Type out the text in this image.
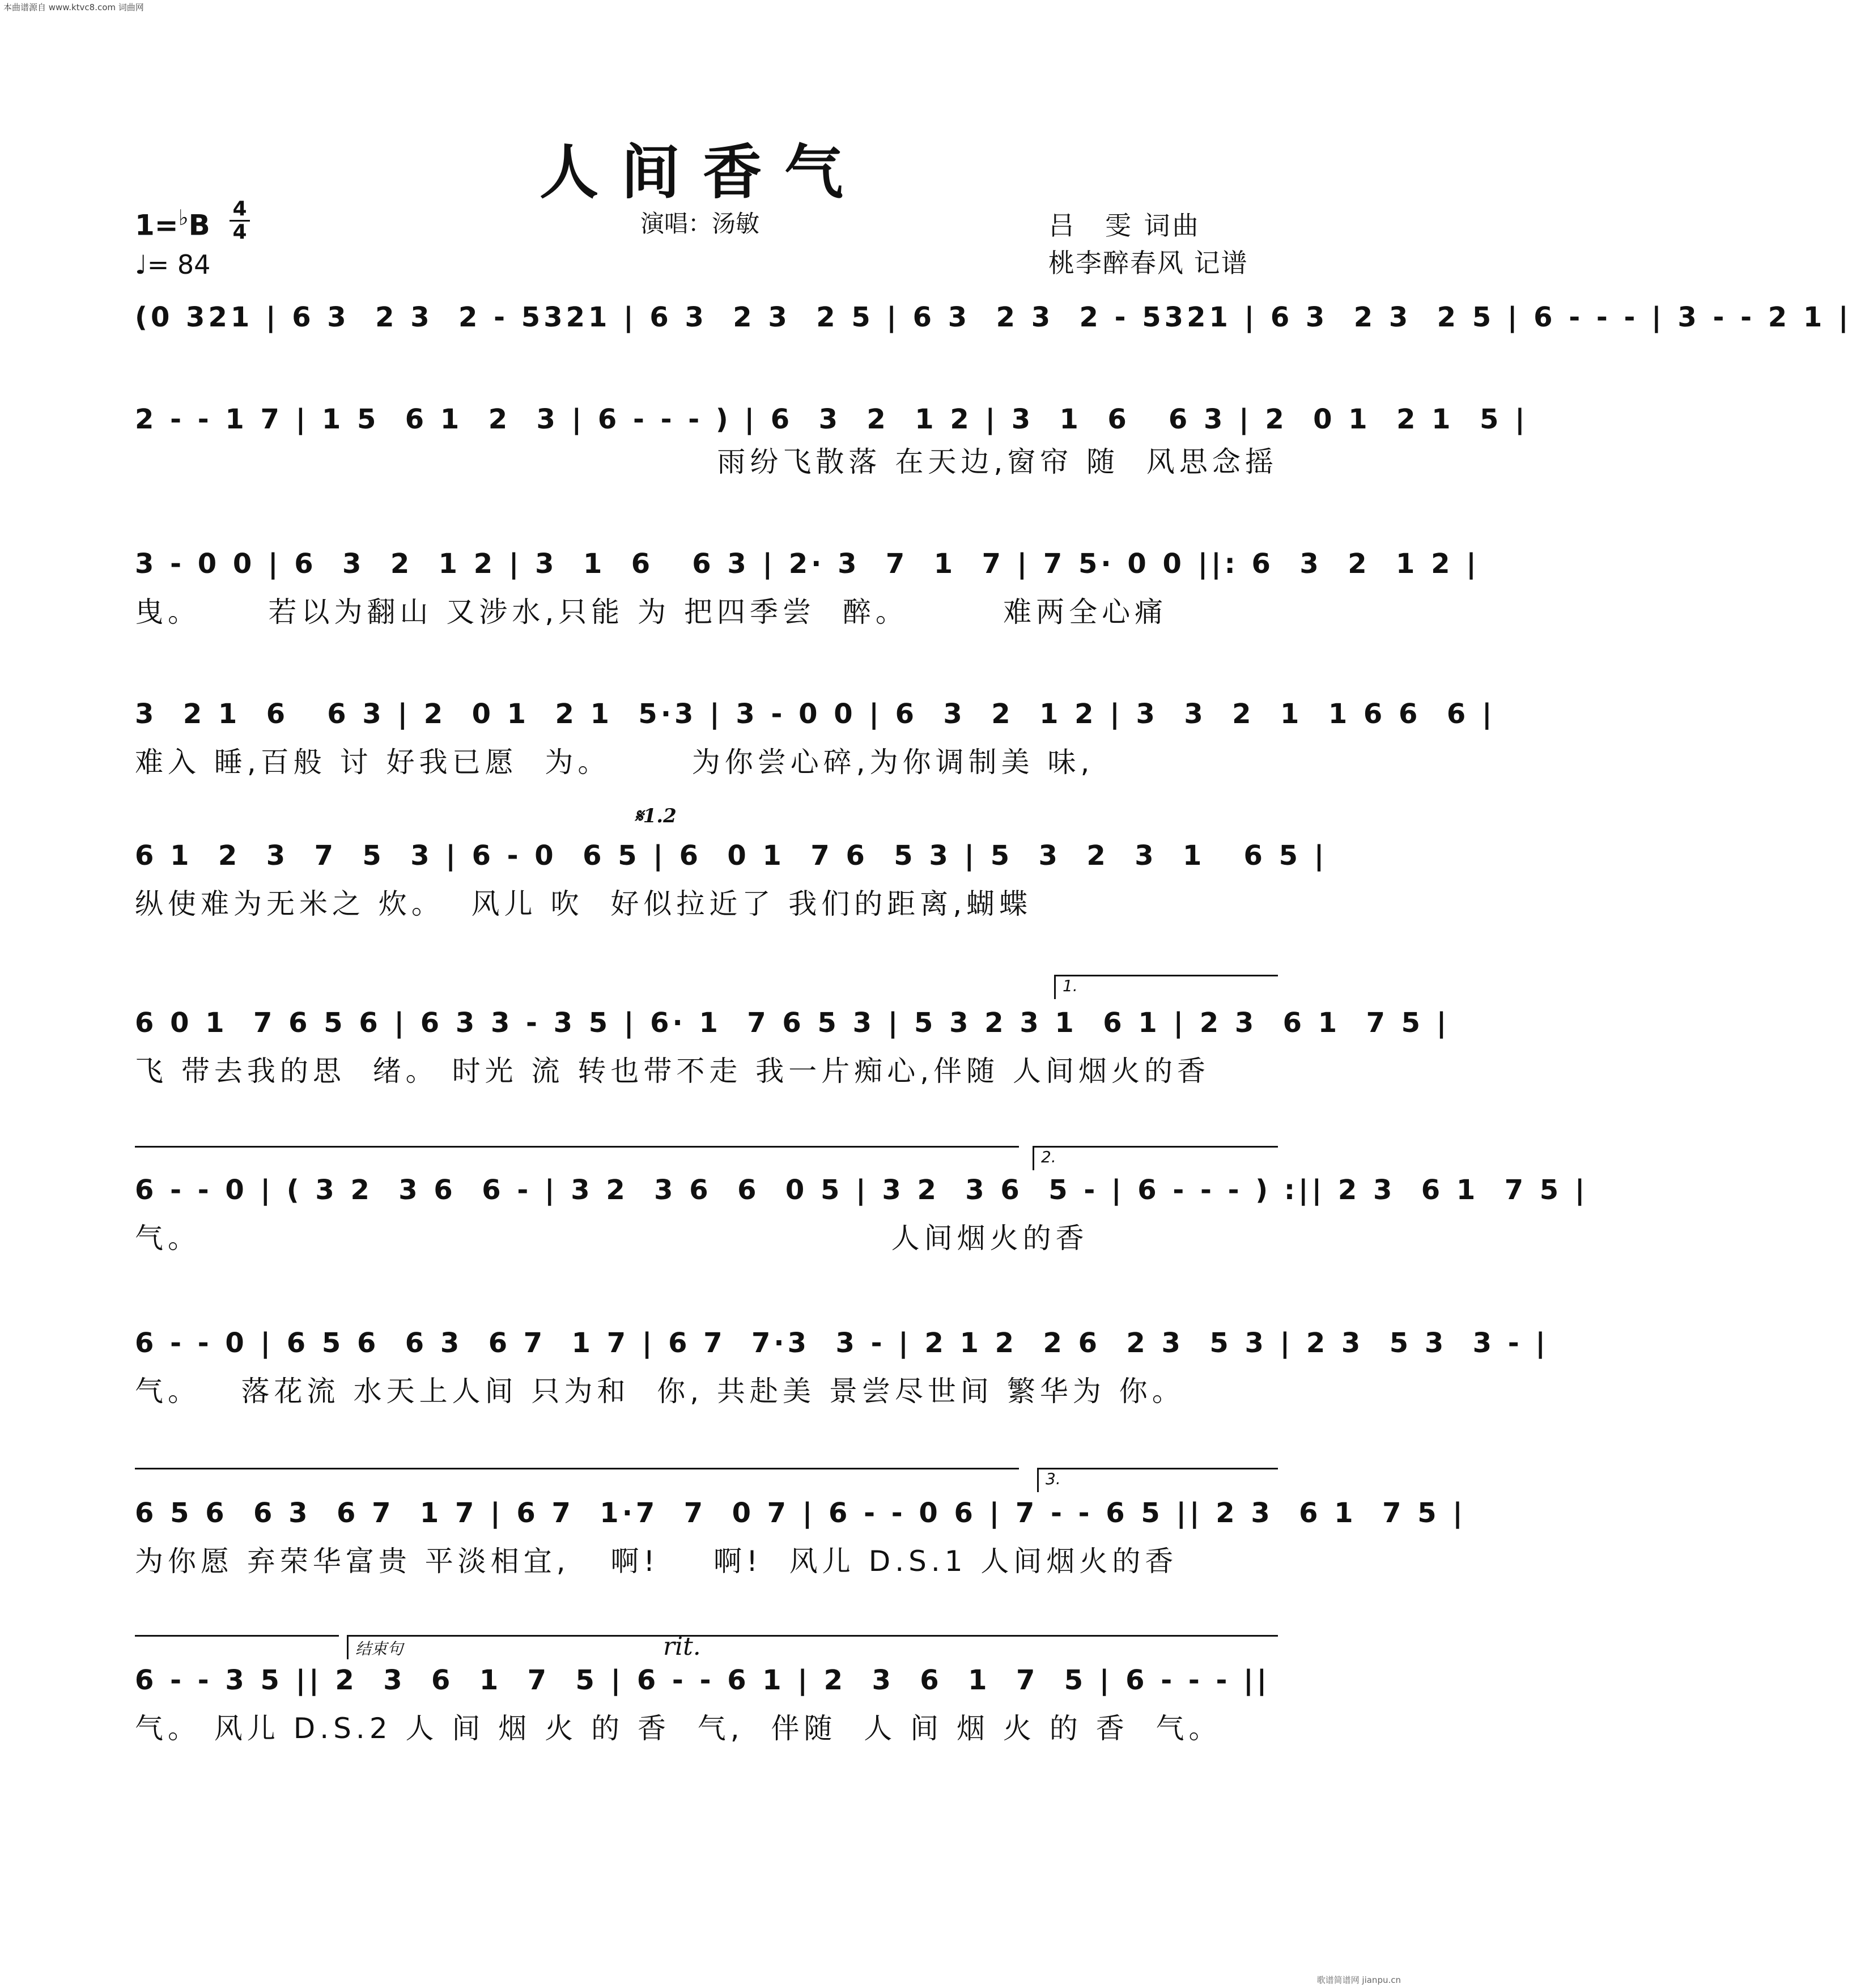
本曲谱源自 www.ktvc8.com 词曲网
人间香气
1=♭B
4
4
♩= 84
演唱：汤敏	吕　雯 词曲
桃李醉春风 记谱
(0 321 | 6 3  2 3  2 - 5321 | 6 3  2 3  2 5 | 6 3  2 3  2 - 5321 | 6 3  2 3  2 5 | 6 - - - | 3 - - 2 1 |
2 - - 1 7 | 1 5  6 1  2  3 | 6 - - - ) | 6  3  2  1 2 | 3  1  6   6 3 | 2  0 1  2 1  5 |
雨纷飞散落 在天边,窗帘 随  风思念摇
3 - 0 0 | 6  3  2  1 2 | 3  1  6   6 3 | 2· 3  7  1  7 | 7 5· 0 0 ||: 6  3  2  1 2 |
曳。     若以为翻山 又涉水,只能 为 把四季尝  醉。       难两全心痛
3  2 1  6   6 3 | 2  0 1  2 1  5·3 | 3 - 0 0 | 6  3  2  1 2 | 3  3  2  1  1 6 6  6 |
难入 睡,百般 讨 好我已愿  为。      为你尝心碎,为你调制美 味,
𝄋1.2
6 1  2  3  7  5  3 | 6 - 0  6 5 | 6  0 1  7 6  5 3 | 5  3  2  3  1   6 5 |
纵使难为无米之 炊。  风儿 吹  好似拉近了 我们的距离,蝴蝶
1.
6 0 1  7 6 5 6 | 6 3 3 - 3 5 | 6· 1  7 6 5 3 | 5 3 2 3 1  6 1 | 2 3  6 1  7 5 |
飞 带去我的思  绪。 时光 流 转也带不走 我一片痴心,伴随 人间烟火的香
2.
6 - - 0 | ( 3 2  3 6  6 - | 3 2  3 6  6  0 5 | 3 2  3 6  5 - | 6 - - - ) :|| 2 3  6 1  7 5 |
气。                                                   人间烟火的香
6 - - 0 | 6 5 6  6 3  6 7  1 7 | 6 7  7·3  3 - | 2 1 2  2 6  2 3  5 3 | 2 3  5 3  3 - |
气。   落花流 水天上人间 只为和  你, 共赴美 景尝尽世间 繁华为 你。
3.
6 5 6  6 3  6 7  1 7 | 6 7  1·7  7  0 7 | 6 - - 0 6 | 7 - - 6 5 || 2 3  6 1  7 5 |
为你愿 弃荣华富贵 平淡相宜,   啊!    啊!  风儿 D.S.1 人间烟火的香
结束句	rit.
6 - - 3 5 || 2  3  6  1  7  5 | 6 - - 6 1 | 2  3  6  1  7  5 | 6 - - - ||
气。 风儿 D.S.2 人 间 烟 火 的 香  气,  伴随  人 间 烟 火 的 香  气。
歌谱简谱网 jianpu.cn
